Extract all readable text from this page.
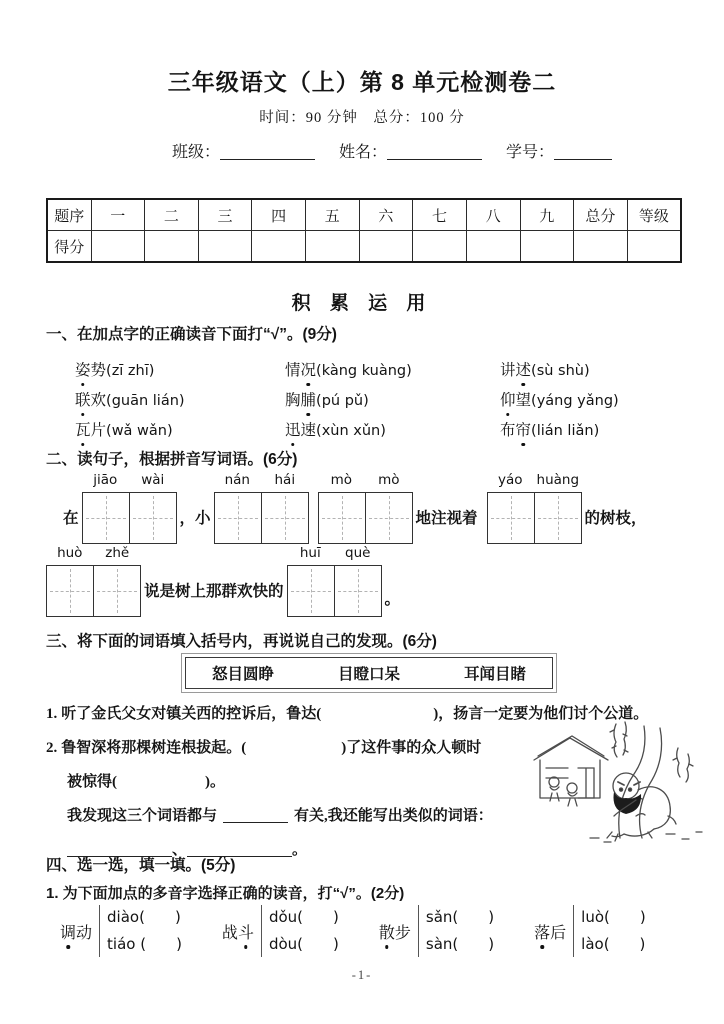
三年级语文（上）第 8 单元检测卷二
时间：90 分钟　总分：100 分
班级：	姓名：	学号：
题序	一	二	三	四	五	六	七	八	九	总分	等级
得分											
积 累 运 用
一、在加点字的正确读音下面打“√”。(9分)
姿势(zī zhī)	情况(kàng kuàng)	讲述(sù shù)
联欢(guān lián)	胸脯(pú pǔ)	仰望(yáng yǎng)
瓦片(wǎ wǎn)	迅速(xùn xǔn)	布帘(lián liǎn)
二、读句子，根据拼音写词语。(6分)
在
jiāo	wài
，小
nán	hái	mò	mò
地注视着
yáo	huàng
的树枝，
huò	zhě
说是树上那群欢快的
huī	què
。
三、将下面的词语填入括号内，再说说自己的发现。(6分)
怒目圆睁	目瞪口呆	耳闻目睹
1. 听了金氏父女对镇关西的控诉后，鲁达(	)，扬言一定要为他们讨个公道。
2. 鲁智深将那棵树连根拔起。(	)了这件事的众人顿时
被惊得(	)。
我发现这三个词语都与	有关,我还能写出类似的词语：
、	。
四、选一选，填一填。(5分)
1. 为下面加点的多音字选择正确的读音，打“√”。(2分)
调动
diào(　　)
tiáo (　　)
战斗
dǒu(　　)
dòu(　　)
散步
sǎn(　　)
sàn(　　)
落后
luò(　　)
lào(　　)
-1-
